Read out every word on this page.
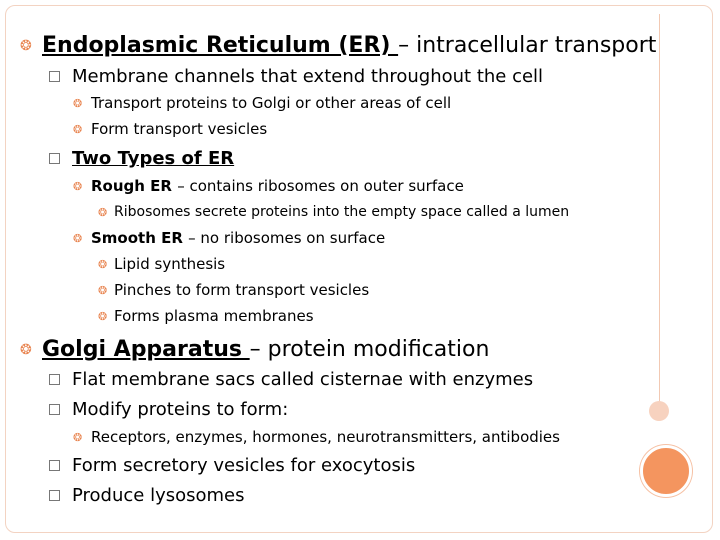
❂ Endoplasmic Reticulum (ER) – intracellular transport
Membrane channels that extend throughout the cell
❂ Transport proteins to Golgi or other areas of cell
❂ Form transport vesicles
Two Types of ER
❂ Rough ER – contains ribosomes on outer surface
❂ Ribosomes secrete proteins into the empty space called a lumen
❂ Smooth ER – no ribosomes on surface
❂ Lipid synthesis
❂ Pinches to form transport vesicles
❂ Forms plasma membranes
❂ Golgi Apparatus – protein modification
Flat membrane sacs called cisternae with enzymes
Modify proteins to form:
❂ Receptors, enzymes, hormones, neurotransmitters, antibodies
Form secretory vesicles for exocytosis
Produce lysosomes
